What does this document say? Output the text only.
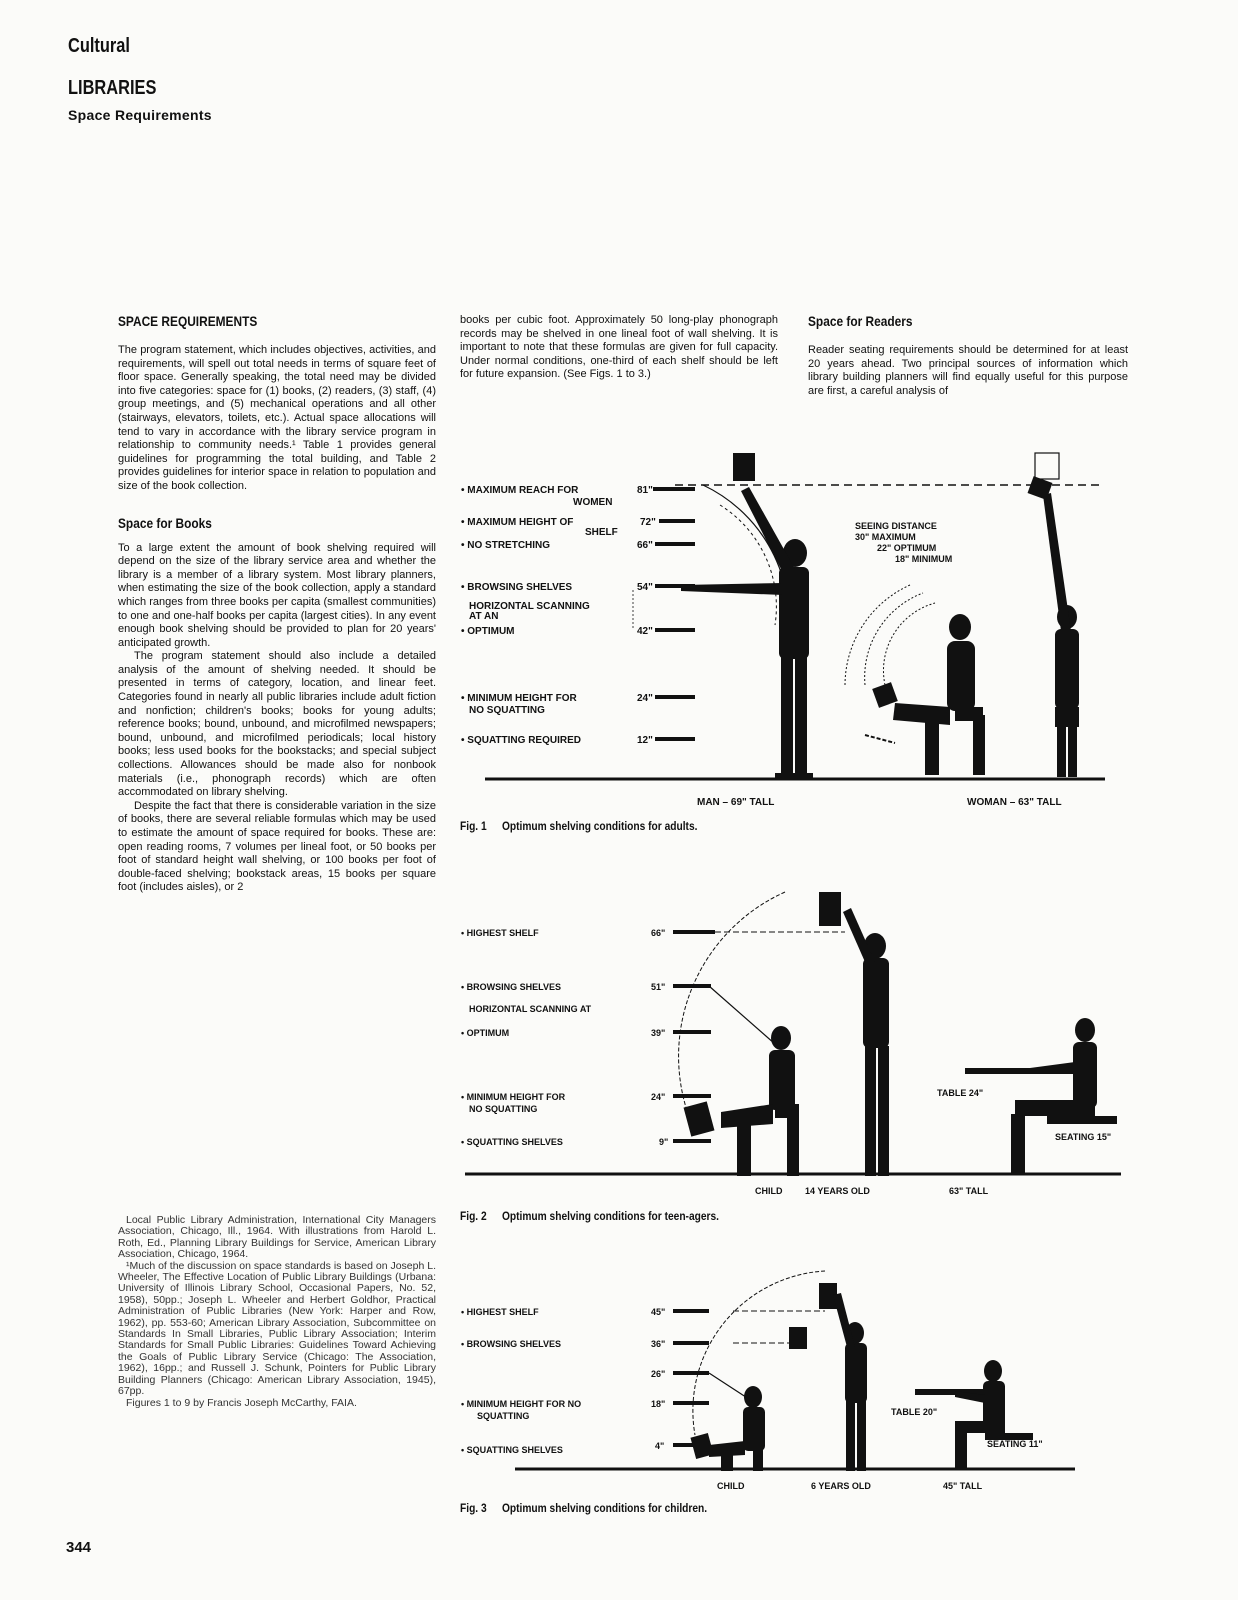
Cultural
LIBRARIES
Space Requirements
SPACE REQUIREMENTS

The program statement, which includes objectives, activities, and requirements, will spell out total needs in terms of square feet of floor space. Generally speaking, the total need may be divided into five categories: space for (1) books, (2) readers, (3) staff, (4) group meetings, and (5) mechanical operations and all other (stairways, elevators, toilets, etc.). Actual space allocations will tend to vary in accordance with the library service program in relationship to community needs.¹ Table 1 provides general guidelines for programming the total building, and Table 2 provides guidelines for interior space in relation to population and size of the book collection.

Space for Books

To a large extent the amount of book shelving required will depend on the size of the library service area and whether the library is a member of a library system. Most library planners, when estimating the size of the book collection, apply a standard which ranges from three books per capita (smallest communities) to one and one-half books per capita (largest cities). In any event enough book shelving should be provided to plan for 20 years' anticipated growth.

The program statement should also include a detailed analysis of the amount of shelving needed. It should be presented in terms of category, location, and linear feet. Categories found in nearly all public libraries include adult fiction and nonfiction; children's books; books for young adults; reference books; bound, unbound, and microfilmed newspapers; bound, unbound, and microfilmed periodicals; local history books; less used books for the bookstacks; and special subject collections. Allowances should be made also for nonbook materials (i.e., phonograph records) which are often accommodated on library shelving.

Despite the fact that there is considerable variation in the size of books, there are several reliable formulas which may be used to estimate the amount of space required for books. These are: open reading rooms, 7 volumes per lineal foot, or 50 books per foot of standard height wall shelving, or 100 books per foot of double-faced shelving; bookstack areas, 15 books per square foot (includes aisles), or 2

Local Public Library Administration, International City Managers Association, Chicago, Ill., 1964. With illustrations from Harold L. Roth, Ed., Planning Library Buildings for Service, American Library Association, Chicago, 1964.

¹Much of the discussion on space standards is based on Joseph L. Wheeler, The Effective Location of Public Library Buildings (Urbana: University of Illinois Library School, Occasional Papers, No. 52, 1958), 50pp.; Joseph L. Wheeler and Herbert Goldhor, Practical Administration of Public Libraries (New York: Harper and Row, 1962), pp. 553-60; American Library Association, Subcommittee on Standards In Small Libraries, Public Library Association; Interim Standards for Small Public Libraries: Guidelines Toward Achieving the Goals of Public Library Service (Chicago: The Association, 1962), 16pp.; and Russell J. Schunk, Pointers for Public Library Building Planners (Chicago: American Library Association, 1945), 67pp.

Figures 1 to 9 by Francis Joseph McCarthy, FAIA.

books per cubic foot. Approximately 50 long-play phonograph records may be shelved in one lineal foot of wall shelving. It is important to note that these formulas are given for full capacity. Under normal conditions, one-third of each shelf should be left for future expansion. (See Figs. 1 to 3.)

Space for Readers

Reader seating requirements should be determined for at least 20 years ahead. Two principal sources of information which library building planners will find equally useful for this purpose are first, a careful analysis of

• MAXIMUM REACH FOR
WOMEN
• MAXIMUM HEIGHT OF
SHELF
• NO STRETCHING
• BROWSING SHELVES
HORIZONTAL SCANNING
AT AN
• OPTIMUM
• MINIMUM HEIGHT FOR
NO SQUATTING
• SQUATTING REQUIRED
81"
72"
66"
54"
42"
24"
12"
SEEING DISTANCE
30" MAXIMUM
22" OPTIMUM
18" MINIMUM
MAN – 69" TALL	WOMAN – 63" TALL
Fig. 1 Optimum shelving conditions for adults.
• HIGHEST SHELF
• BROWSING SHELVES
HORIZONTAL SCANNING AT
• OPTIMUM
• MINIMUM HEIGHT FOR
NO SQUATTING
• SQUATTING SHELVES
66"
51"
39"
24"
9"
TABLE 24"
SEATING 15"
CHILD	14 YEARS OLD	63" TALL
Fig. 2 Optimum shelving conditions for teen-agers.
• HIGHEST SHELF
• BROWSING SHELVES
• MINIMUM HEIGHT FOR NO
SQUATTING
• SQUATTING SHELVES
45"
36"
26"
18"
4"
TABLE 20"
SEATING 11"
CHILD	6 YEARS OLD	45" TALL
Fig. 3 Optimum shelving conditions for children.
344
